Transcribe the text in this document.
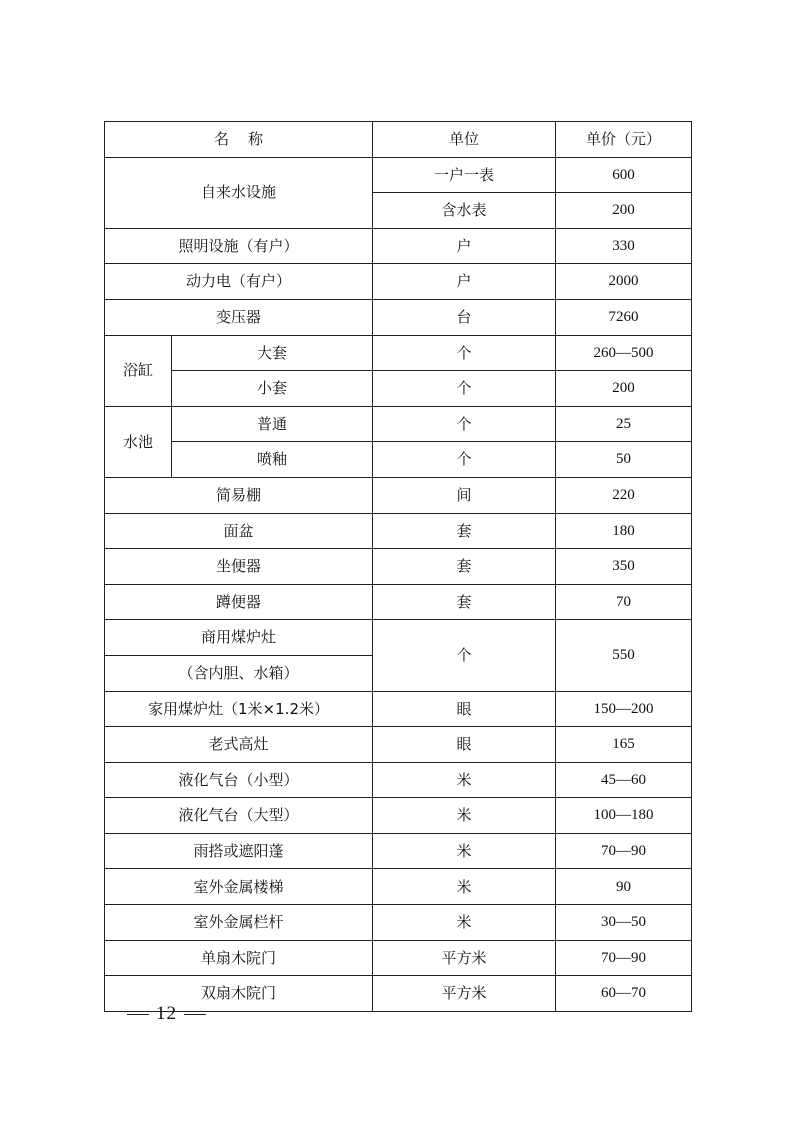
名    称		单位	单价（元）
自来水设施		一户一表	600
		含水表	200
照明设施（有户）		户	330
动力电（有户）		户	2000
变压器		台	7260
浴缸	大套	个	260—500
	小套	个	200
水池	普通	个	25
	喷釉	个	50
简易棚		间	220
面盆		套	180
坐便器		套	350
蹲便器		套	70
商用煤炉灶		个	550
（含内胆、水箱）			
家用煤炉灶（1米×1.2米）		眼	150—200
老式高灶		眼	165
液化气台（小型）		米	45—60
液化气台（大型）		米	100—180
雨搭或遮阳蓬		米	70—90
室外金属楼梯		米	90
室外金属栏杆		米	30—50
单扇木院门		平方米	70—90
双扇木院门		平方米	60—70
12
